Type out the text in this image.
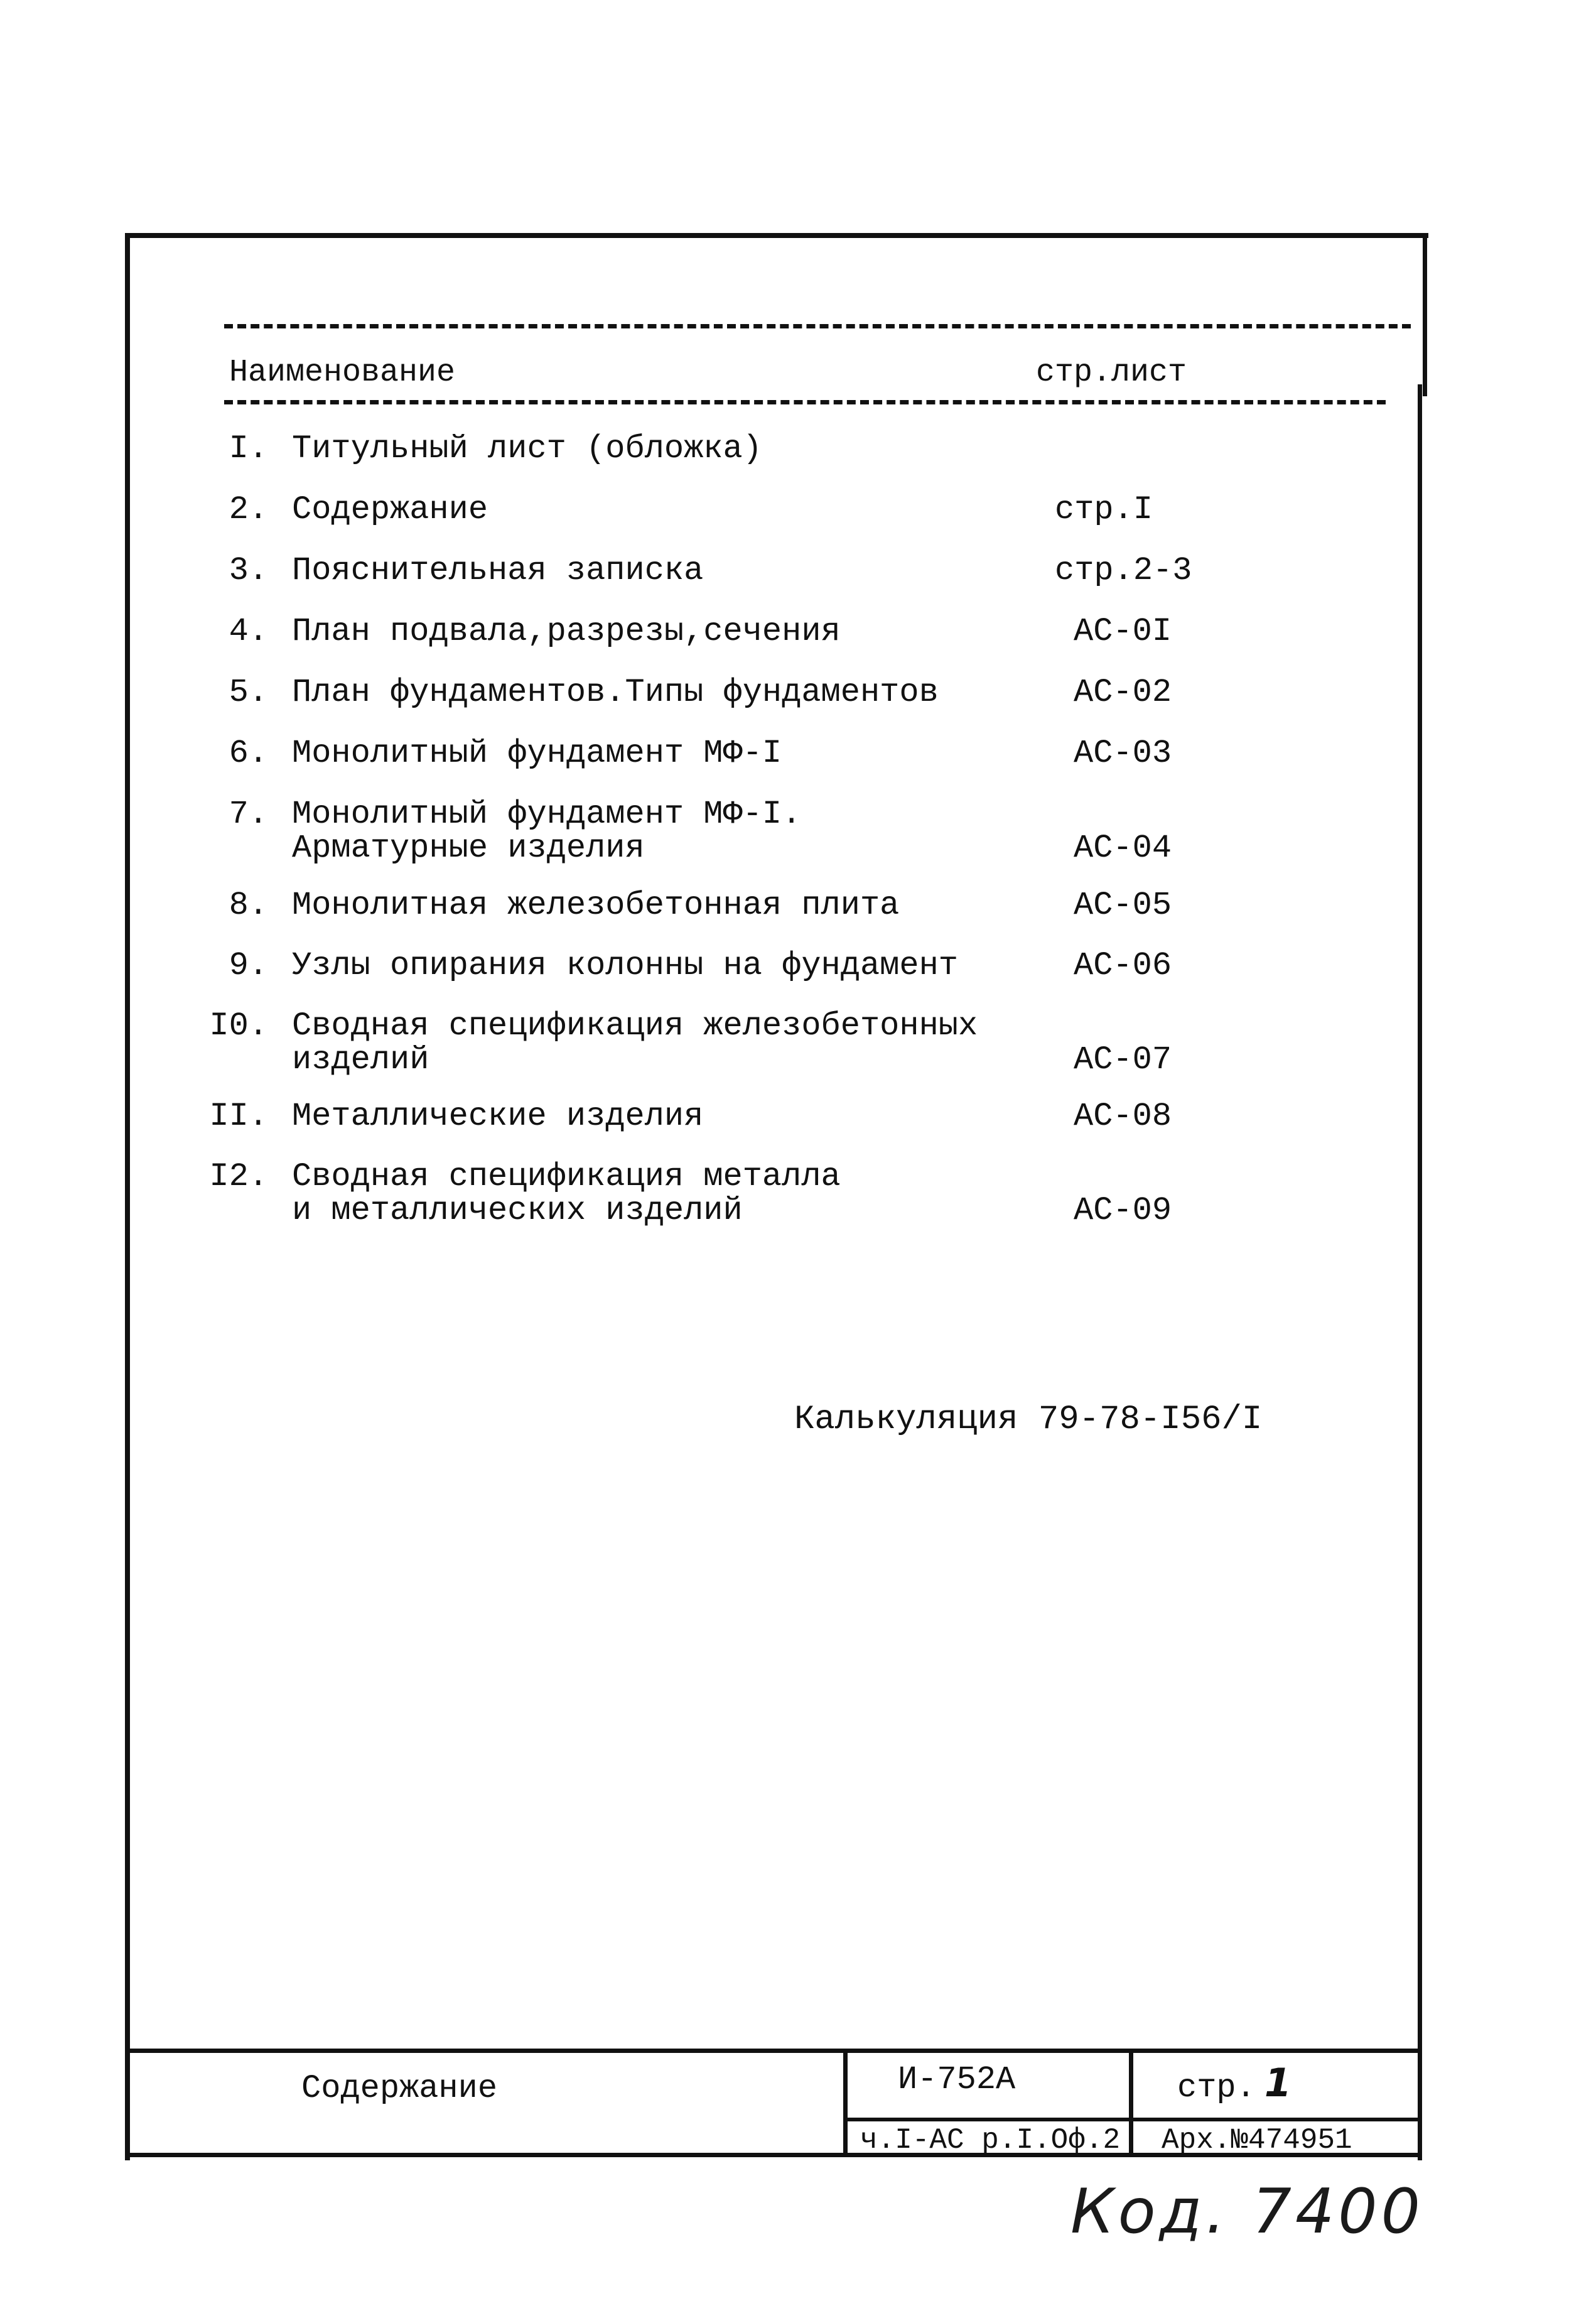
Наименование	стр.лист
I. Титульный лист (обложка)
2. Содержание	стр.I
3. Пояснительная записка	стр.2-3
4. План подвала,разрезы,сечения	АС-0I
5. План фундаментов.Типы фундаментов	АС-02
6. Монолитный фундамент МФ-I	АС-03
7. Монолитный фундамент МФ-I.
Арматурные изделия	АС-04
8. Монолитная железобетонная плита	АС-05
9. Узлы опирания колонны на фундамент	АС-06
I0. Сводная спецификация железобетонных
изделий	АС-07
II. Металлические изделия	АС-08
I2. Сводная спецификация металла
и металлических изделий	АС-09
Калькуляция 79-78-I56/I
Содержание	И-752А	стр. 1
ч.I-АС р.I.Оф.2 Арх.№474951
Код. 7400
